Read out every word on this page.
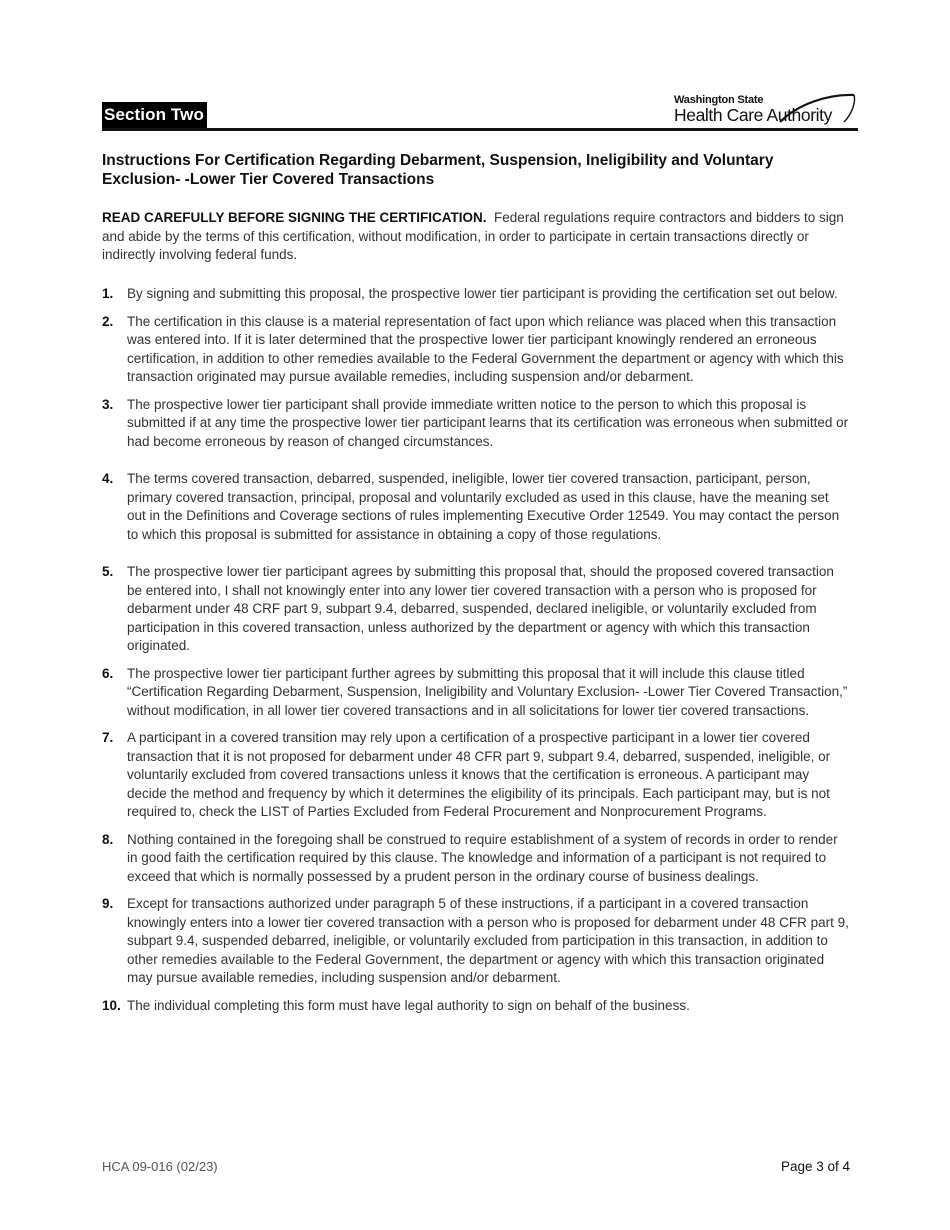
Section Two
Washington State
Health Care Authority
Instructions For Certification Regarding Debarment, Suspension, Ineligibility and Voluntary Exclusion- -Lower Tier Covered Transactions
READ CAREFULLY BEFORE SIGNING THE CERTIFICATION. Federal regulations require contractors and bidders to sign and abide by the terms of this certification, without modification, in order to participate in certain transactions directly or indirectly involving federal funds.
1. By signing and submitting this proposal, the prospective lower tier participant is providing the certification set out below.
2. The certification in this clause is a material representation of fact upon which reliance was placed when this transaction was entered into. If it is later determined that the prospective lower tier participant knowingly rendered an erroneous certification, in addition to other remedies available to the Federal Government the department or agency with which this transaction originated may pursue available remedies, including suspension and/or debarment.
3. The prospective lower tier participant shall provide immediate written notice to the person to which this proposal is submitted if at any time the prospective lower tier participant learns that its certification was erroneous when submitted or had become erroneous by reason of changed circumstances.
4. The terms covered transaction, debarred, suspended, ineligible, lower tier covered transaction, participant, person, primary covered transaction, principal, proposal and voluntarily excluded as used in this clause, have the meaning set out in the Definitions and Coverage sections of rules implementing Executive Order 12549. You may contact the person to which this proposal is submitted for assistance in obtaining a copy of those regulations.
5. The prospective lower tier participant agrees by submitting this proposal that, should the proposed covered transaction be entered into, I shall not knowingly enter into any lower tier covered transaction with a person who is proposed for debarment under 48 CRF part 9, subpart 9.4, debarred, suspended, declared ineligible, or voluntarily excluded from participation in this covered transaction, unless authorized by the department or agency with which this transaction originated.
6. The prospective lower tier participant further agrees by submitting this proposal that it will include this clause titled “Certification Regarding Debarment, Suspension, Ineligibility and Voluntary Exclusion- -Lower Tier Covered Transaction,” without modification, in all lower tier covered transactions and in all solicitations for lower tier covered transactions.
7. A participant in a covered transition may rely upon a certification of a prospective participant in a lower tier covered transaction that it is not proposed for debarment under 48 CFR part 9, subpart 9.4, debarred, suspended, ineligible, or voluntarily excluded from covered transactions unless it knows that the certification is erroneous. A participant may decide the method and frequency by which it determines the eligibility of its principals. Each participant may, but is not required to, check the LIST of Parties Excluded from Federal Procurement and Nonprocurement Programs.
8. Nothing contained in the foregoing shall be construed to require establishment of a system of records in order to render in good faith the certification required by this clause. The knowledge and information of a participant is not required to exceed that which is normally possessed by a prudent person in the ordinary course of business dealings.
9. Except for transactions authorized under paragraph 5 of these instructions, if a participant in a covered transaction knowingly enters into a lower tier covered transaction with a person who is proposed for debarment under 48 CFR part 9, subpart 9.4, suspended debarred, ineligible, or voluntarily excluded from participation in this transaction, in addition to other remedies available to the Federal Government, the department or agency with which this transaction originated may pursue available remedies, including suspension and/or debarment.
10. The individual completing this form must have legal authority to sign on behalf of the business.
HCA 09-016 (02/23)	Page 3 of 4
